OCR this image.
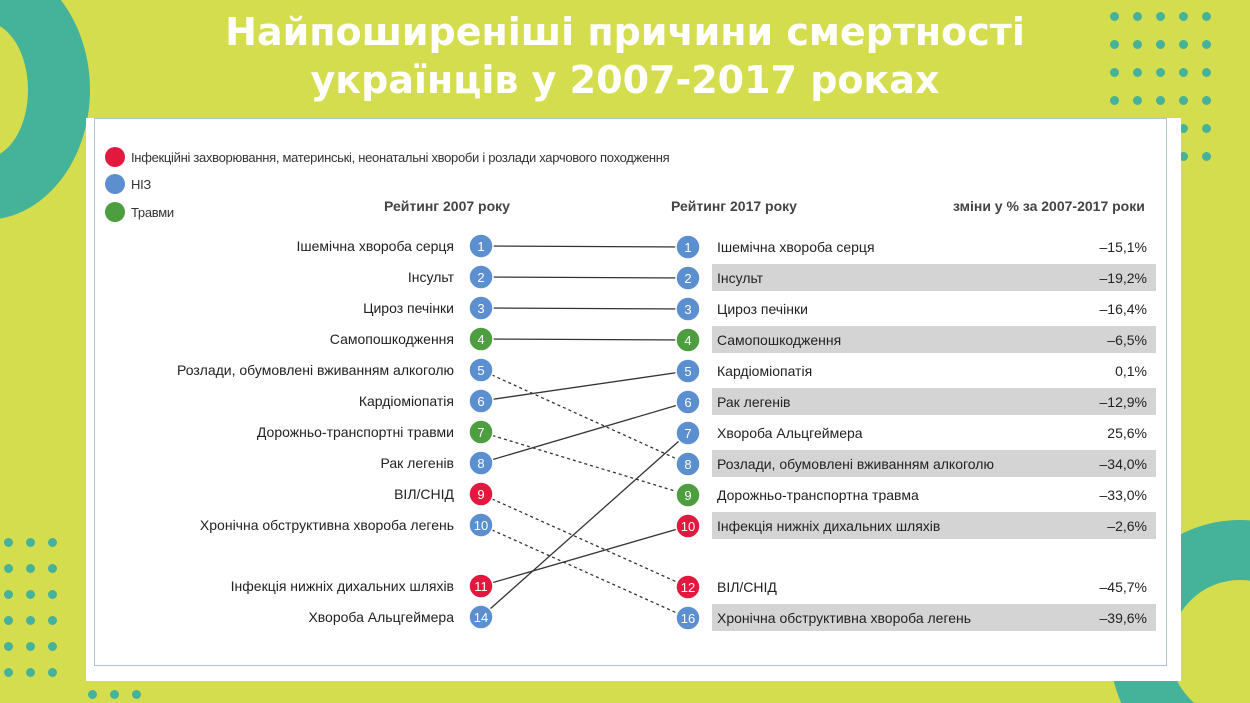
Найпоширеніші причини смертності
українців у 2007-2017 роках
Інфекційні захворювання, материнські, неонатальні хвороби і розлади харчового походження
НІЗ
Травми	Рейтинг 2007 року	Рейтинг 2017 року	зміни у % за 2007-2017 роки
Ішемічна хвороба серця 1
Інсульт 2
Цироз печінки 3
Самопошкодження 4
Розлади, обумовлені вживанням алкоголю 5
Кардіоміопатія 6
Дорожньо-транспортні травми 7
Рак легенів 8
ВІЛ/СНІД 9
Хронічна обструктивна хвороба легень 10
Інфекція нижніх дихальних шляхів 11
Хвороба Альцгеймера 14
1 Ішемічна хвороба серця	–15,1%
2 Інсульт	–19,2%
3 Цироз печінки	–16,4%
4 Самопошкодження	–6,5%
5 Кардіоміопатія	0,1%
6 Рак легенів	–12,9%
7 Хвороба Альцгеймера	25,6%
8 Розлади, обумовлені вживанням алкоголю	–34,0%
9 Дорожньо-транспортна травма	–33,0%
10 Інфекція нижніх дихальних шляхів	–2,6%
12 ВІЛ/СНІД	–45,7%
16 Хронічна обструктивна хвороба легень	–39,6%
